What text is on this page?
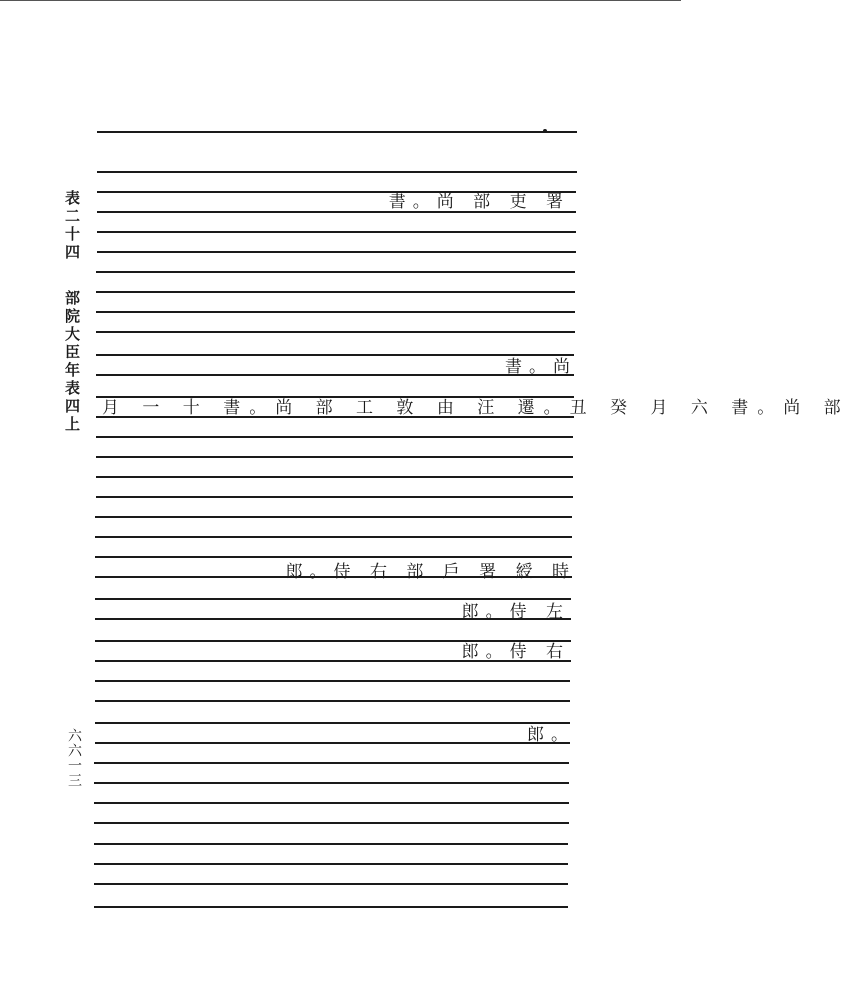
表二十四
部院大臣年表四上
六六一三
書。尚 部 吏 署
書。尚
月 一 十 書。尚 部 工 敦 由 汪 遷。丑 癸 月 六 書。尚 部
郎。侍 右 部 戶 署 綬 時
郎。侍 左
郎。侍 右
郎。
